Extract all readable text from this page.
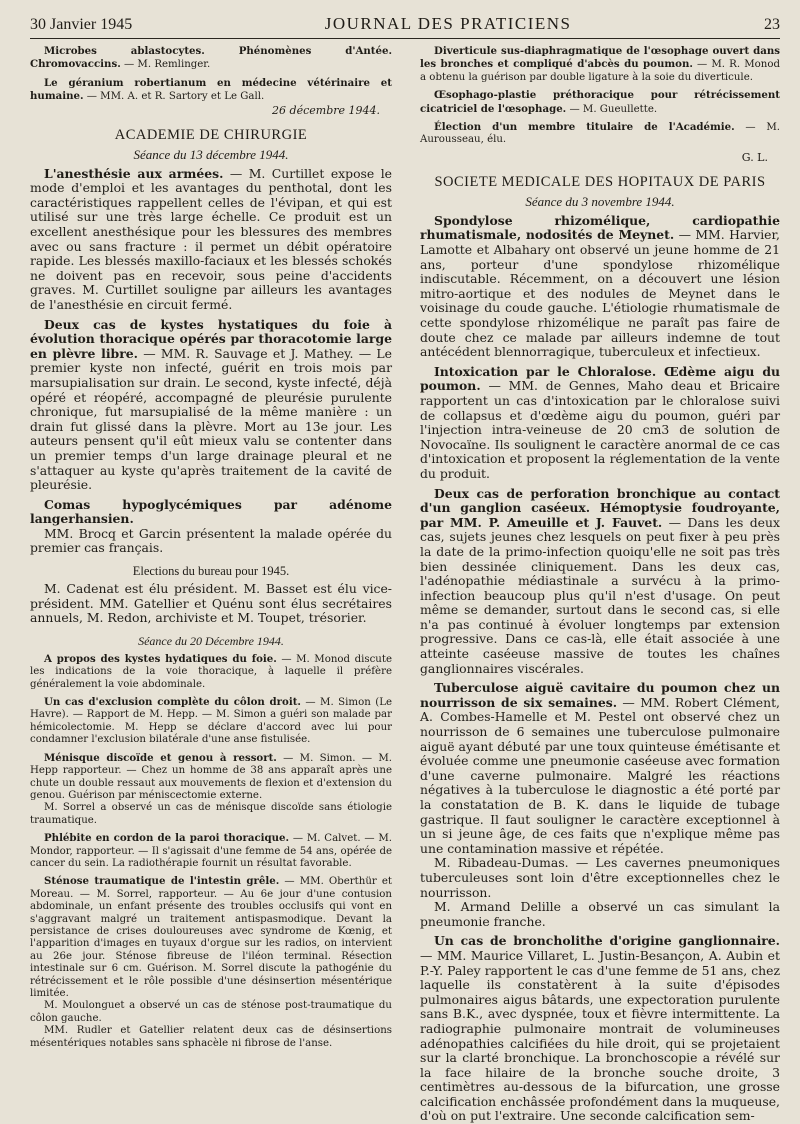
30 Janvier 1945	JOURNAL DES PRATICIENS	23

Microbes ablastocytes. Phénomènes d'Antée. Chromovaccins. — M. Remlinger.

Le géranium robertianum en médecine vétérinaire et humaine. — MM. A. et R. Sartory et Le Gall.

26 décembre 1944.

ACADEMIE DE CHIRURGIE

Séance du 13 décembre 1944.

L'anesthésie aux armées. — M. Curtillet expose le mode d'emploi et les avantages du penthotal, dont les caractéristiques rappellent celles de l'évipan, et qui est utilisé sur une très large échelle. Ce produit est un excellent anesthésique pour les blessures des membres avec ou sans fracture : il permet un débit opératoire rapide. Les blessés maxillo-faciaux et les blessés schokés ne doivent pas en recevoir, sous peine d'accidents graves. M. Curtillet souligne par ailleurs les avantages de l'anesthésie en circuit fermé.

Deux cas de kystes hystatiques du foie à évolution thoracique opérés par thoracotomie large en plèvre libre. — MM. R. Sauvage et J. Mathey. — Le premier kyste non infecté, guérit en trois mois par marsupialisation sur drain. Le second, kyste infecté, déjà opéré et réopéré, accompagné de pleurésie purulente chronique, fut marsupialisé de la même manière : un drain fut glissé dans la plèvre. Mort au 13e jour. Les auteurs pensent qu'il eût mieux valu se contenter dans un premier temps d'un large drainage pleural et ne s'attaquer au kyste qu'après traitement de la cavité de pleurésie.

Comas hypoglycémiques par adénome langerhansien.

MM. Brocq et Garcin présentent la malade opérée du premier cas français.

Elections du bureau pour 1945.

M. Cadenat est élu président. M. Basset est élu vice-président. MM. Gatellier et Quénu sont élus secrétaires annuels, M. Redon, archiviste et M. Toupet, trésorier.

Séance du 20 Décembre 1944.

A propos des kystes hydatiques du foie. — M. Monod discute les indications de la voie thoracique, à laquelle il préfère généralement la voie abdominale.

Un cas d'exclusion complète du côlon droit. — M. Simon (Le Havre). — Rapport de M. Hepp. — M. Simon a guéri son malade par hémicolectomie. M. Hepp se déclare d'accord avec lui pour condamner l'exclusion bilatérale d'une anse fistulisée.

Ménisque discoïde et genou à ressort. — M. Simon. — M. Hepp rapporteur. — Chez un homme de 38 ans apparaît après une chute un double ressaut aux mouvements de flexion et d'extension du genou. Guérison par méniscectomie externe.

M. Sorrel a observé un cas de ménisque discoïde sans étiologie traumatique.

Phlébite en cordon de la paroi thoracique. — M. Calvet. — M. Mondor, rapporteur. — Il s'agissait d'une femme de 54 ans, opérée de cancer du sein. La radiothérapie fournit un résultat favorable.

Sténose traumatique de l'intestin grêle. — MM. Oberthür et Moreau. — M. Sorrel, rapporteur. — Au 6e jour d'une contusion abdominale, un enfant présente des troubles occlusifs qui vont en s'aggravant malgré un traitement antispasmodique. Devant la persistance de crises douloureuses avec syndrome de Kœnig, et l'apparition d'images en tuyaux d'orgue sur les radios, on intervient au 26e jour. Sténose fibreuse de l'iléon terminal. Résection intestinale sur 6 cm. Guérison. M. Sorrel discute la pathogénie du rétrécissement et le rôle possible d'une désinsertion mésentérique limitée.

M. Moulonguet a observé un cas de sténose post-traumatique du côlon gauche.

MM. Rudler et Gatellier relatent deux cas de désinsertions mésentériques notables sans sphacèle ni fibrose de l'anse.

Diverticule sus-diaphragmatique de l'œsophage ouvert dans les bronches et compliqué d'abcès du poumon. — M. R. Monod a obtenu la guérison par double ligature à la soie du diverticule.

Œsophago-plastie préthoracique pour rétrécissement cicatriciel de l'œsophage. — M. Gueullette.

Élection d'un membre titulaire de l'Académie. — M. Aurousseau, élu.

G. L.

SOCIETE MEDICALE DES HOPITAUX DE PARIS

Séance du 3 novembre 1944.

Spondylose rhizomélique, cardiopathie rhumatismale, nodosités de Meynet. — MM. Harvier, Lamotte et Albahary ont observé un jeune homme de 21 ans, porteur d'une spondylose rhizomélique indiscutable. Récemment, on a découvert une lésion mitro-aortique et des nodules de Meynet dans le voisinage du coude gauche. L'étiologie rhumatismale de cette spondylose rhizomélique ne paraît pas faire de doute chez ce malade par ailleurs indemne de tout antécédent blennorragique, tuberculeux et infectieux.

Intoxication par le Chloralose. Œdème aigu du poumon. — MM. de Gennes, Maho deau et Bricaire rapportent un cas d'intoxication par le chloralose suivi de collapsus et d'œdème aigu du poumon, guéri par l'injection intra-veineuse de 20 cm3 de solution de Novocaïne. Ils soulignent le caractère anormal de ce cas d'intoxication et proposent la réglementation de la vente du produit.

Deux cas de perforation bronchique au contact d'un ganglion caséeux. Hémoptysie foudroyante, par MM. P. Ameuille et J. Fauvet. — Dans les deux cas, sujets jeunes chez lesquels on peut fixer à peu près la date de la primo-infection quoiqu'elle ne soit pas très bien dessinée cliniquement. Dans les deux cas, l'adénopathie médiastinale a survécu à la primo-infection beaucoup plus qu'il n'est d'usage. On peut même se demander, surtout dans le second cas, si elle n'a pas continué à évoluer longtemps par extension progressive. Dans ce cas-là, elle était associée à une atteinte caséeuse massive de toutes les chaînes ganglionnaires viscérales.

Tuberculose aiguë cavitaire du poumon chez un nourrisson de six semaines. — MM. Robert Clément, A. Combes-Hamelle et M. Pestel ont observé chez un nourrisson de 6 semaines une tuberculose pulmonaire aiguë ayant débuté par une toux quinteuse émétisante et évoluée comme une pneumonie caséeuse avec formation d'une caverne pulmonaire. Malgré les réactions négatives à la tuberculose le diagnostic a été porté par la constatation de B. K. dans le liquide de tubage gastrique. Il faut souligner le caractère exceptionnel à un si jeune âge, de ces faits que n'explique même pas une contamination massive et répétée.

M. Ribadeau-Dumas. — Les cavernes pneumoniques tuberculeuses sont loin d'être exceptionnelles chez le nourrisson.

M. Armand Delille a observé un cas simulant la pneumonie franche.

Un cas de broncholithe d'origine ganglionnaire. — MM. Maurice Villaret, L. Justin-Besançon, A. Aubin et P.-Y. Paley rapportent le cas d'une femme de 51 ans, chez laquelle ils constatèrent à la suite d'épisodes pulmonaires aigus bâtards, une expectoration purulente sans B.K., avec dyspnée, toux et fièvre intermittente. La radiographie pulmonaire montrait de volumineuses adénopathies calcifiées du hile droit, qui se projetaient sur la clarté bronchique. La bronchoscopie a révélé sur la face hilaire de la bronche souche droite, 3 centimètres au-dessous de la bifurcation, une grosse calcification enchâssée profondément dans la muqueuse, d'où on put l'extraire. Une seconde calcification sem-
